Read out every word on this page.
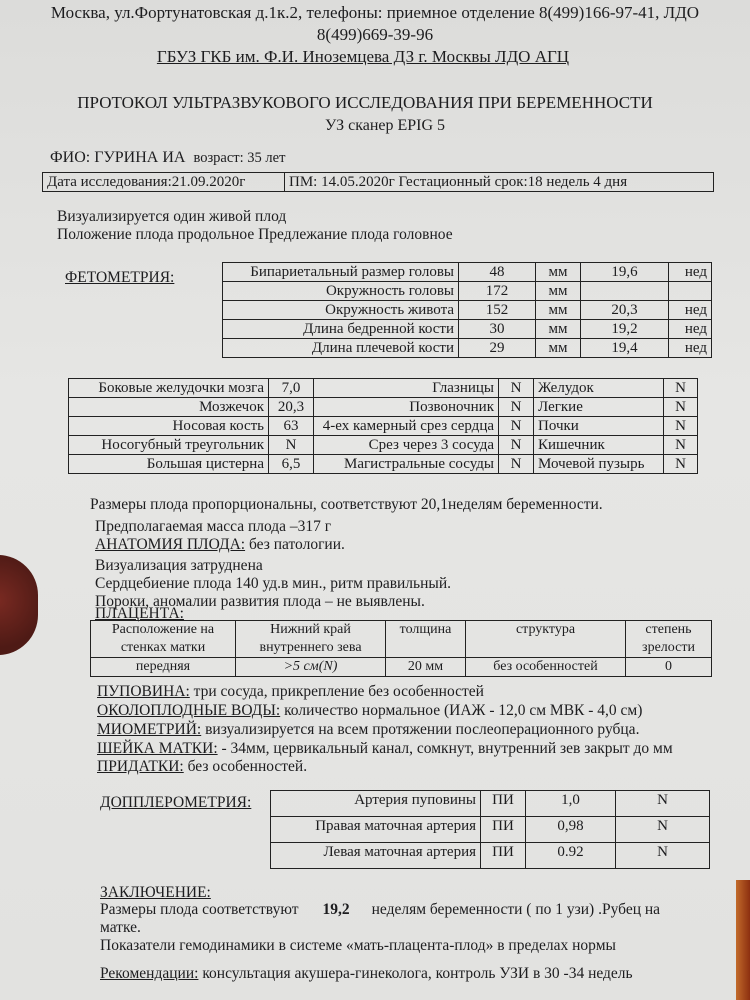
Москва, ул.Фортунатовская д.1к.2, телефоны: приемное отделение 8(499)166-97-41, ЛДО
8(499)669-39-96
ГБУЗ ГКБ им. Ф.И. Иноземцева ДЗ г. Москвы ЛДО АГЦ
ПРОТОКОЛ УЛЬТРАЗВУКОВОГО ИССЛЕДОВАНИЯ ПРИ БЕРЕМЕННОСТИ
УЗ сканер EPIG 5
ФИО: ГУРИНА ИА возраст: 35 лет
Дата исследования:21.09.2020г	ПМ: 14.05.2020г Гестационный срок:18 недель 4 дня
Визуализируется один живой плод
Положение плода продольное Предлежание плода головное
ФЕТОМЕТРИЯ:	Бипариетальный размер головы	48	мм	19,6	нед
Окружность головы	172	мм		
Окружность живота	152	мм	20,3	нед
Длина бедренной кости	30	мм	19,2	нед
Длина плечевой кости	29	мм	19,4	нед
Боковые желудочки мозга	7,0	Глазницы	N	Желудок	N
Мозжечок	20,3	Позвоночник	N	Легкие	N
Носовая кость	63	4-ех камерный срез сердца	N	Почки	N
Носогубный треугольник	N	Срез через 3 сосуда	N	Кишечник	N
Большая цистерна	6,5	Магистральные сосуды	N	Мочевой пузырь	N
Размеры плода пропорциональны, соответствуют 20,1неделям беременности.
Предполагаемая масса плода –317 г
АНАТОМИЯ ПЛОДА: без патологии.
Визуализация затруднена
Сердцебиение плода 140 уд.в мин., ритм правильный.
Пороки, аномалии развития плода – не выявлены.
ПЛАЦЕНТА:
Расположение на стенках матки	Нижний край внутреннего зева	толщина	структура	степень зрелости
передняя	>5 см(N)	20 мм	без особенностей	0
ПУПОВИНА: три сосуда, прикрепление без особенностей
ОКОЛОПЛОДНЫЕ ВОДЫ: количество нормальное (ИАЖ - 12,0 см МВК - 4,0 см)
МИОМЕТРИЙ: визуализируется на всем протяжении послеоперационного рубца.
ШЕЙКА МАТКИ: - 34мм, цервикальный канал, сомкнут, внутренний зев закрыт до мм
ПРИДАТКИ: без особенностей.
ДОППЛЕРОМЕТРИЯ:	Артерия пуповины	ПИ	1,0	N
Правая маточная артерия	ПИ	0,98	N
Левая маточная артерия	ПИ	0.92	N
ЗАКЛЮЧЕНИЕ:
Размеры плода соответствуют 19,2 неделям беременности ( по 1 узи) .Рубец на
матке.
Показатели гемодинамики в системе «мать-плацента-плод» в пределах нормы
Рекомендации: консультация акушера-гинеколога, контроль УЗИ в 30 -34 недель
